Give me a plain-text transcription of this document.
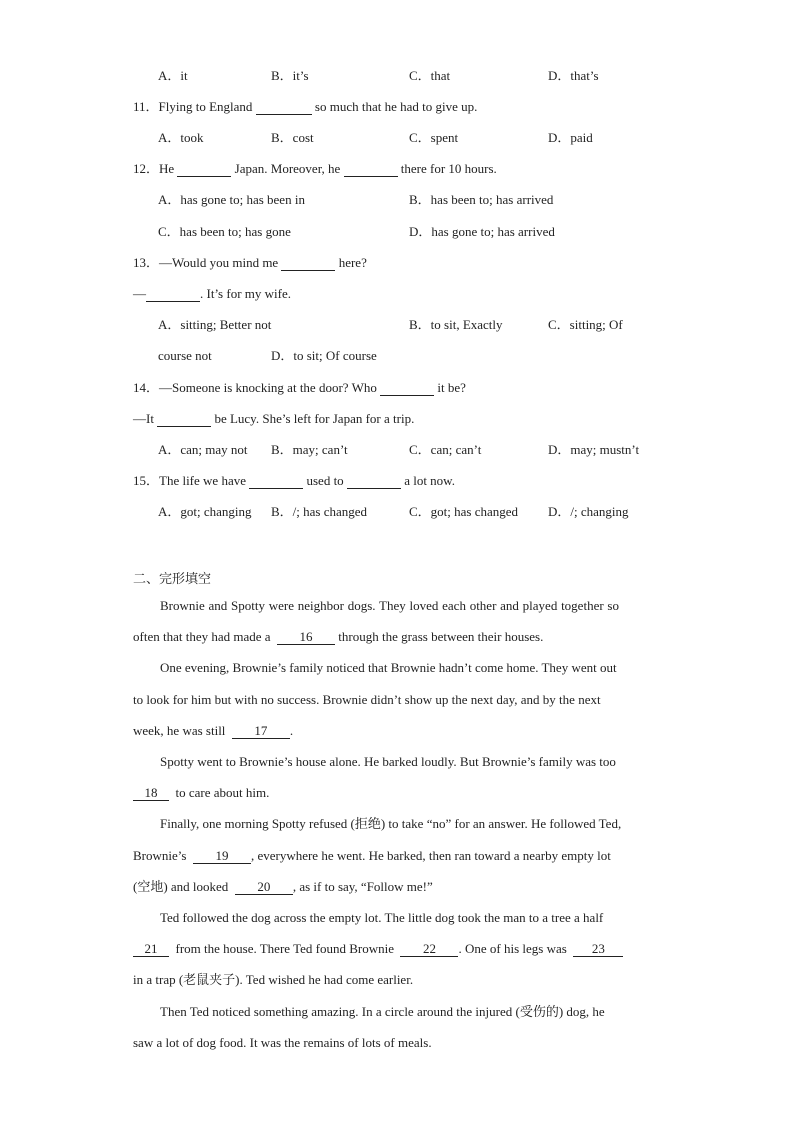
A．it	B．it’s	C．that	D．that’s
11．Flying to England	so much that he had to give up.
A．took	B．cost	C．spent	D．paid
12．He	Japan. Moreover, he	there for 10 hours.
A．has gone to; has been in	B．has been to; has arrived
C．has been to; has gone	D．has gone to; has arrived
13．—Would you mind me	here?
—	. It’s for my wife.
A．sitting; Better not	B．to sit, Exactly	C．sitting; Of
course not	D．to sit; Of course
14．—Someone is knocking at the door? Who	it be?
—It	be Lucy. She’s left for Japan for a trip.
A．can; may not B．may; can’t	C．can; can’t	D．may; mustn’t
15．The life we have	used to	a lot now.
A．got; changing B．/; has changed	C．got; has changed D．/; changing
二、完形填空
Brownie and Spotty were neighbor dogs. They loved each other and played together so
often that they had made a 16 through the grass between their houses.
One evening, Brownie’s family noticed that Brownie hadn’t come home. They went out
to look for him but with no success. Brownie didn’t show up the next day, and by the next
week, he was still 17 .
Spotty went to Brownie’s house alone. He barked loudly. But Brownie’s family was too
18 to care about him.
Finally, one morning Spotty refused (拒绝) to take “no” for an answer. He followed Ted,
Brownie’s 19 , everywhere he went. He barked, then ran toward a nearby empty lot
(空地) and looked 20 , as if to say, “Follow me!”
Ted followed the dog across the empty lot. The little dog took the man to a tree a half
21 from the house. There Ted found Brownie 22 . One of his legs was 23
in a trap (老鼠夹子). Ted wished he had come earlier.
Then Ted noticed something amazing. In a circle around the injured (受伤的) dog, he
saw a lot of dog food. It was the remains of lots of meals.
